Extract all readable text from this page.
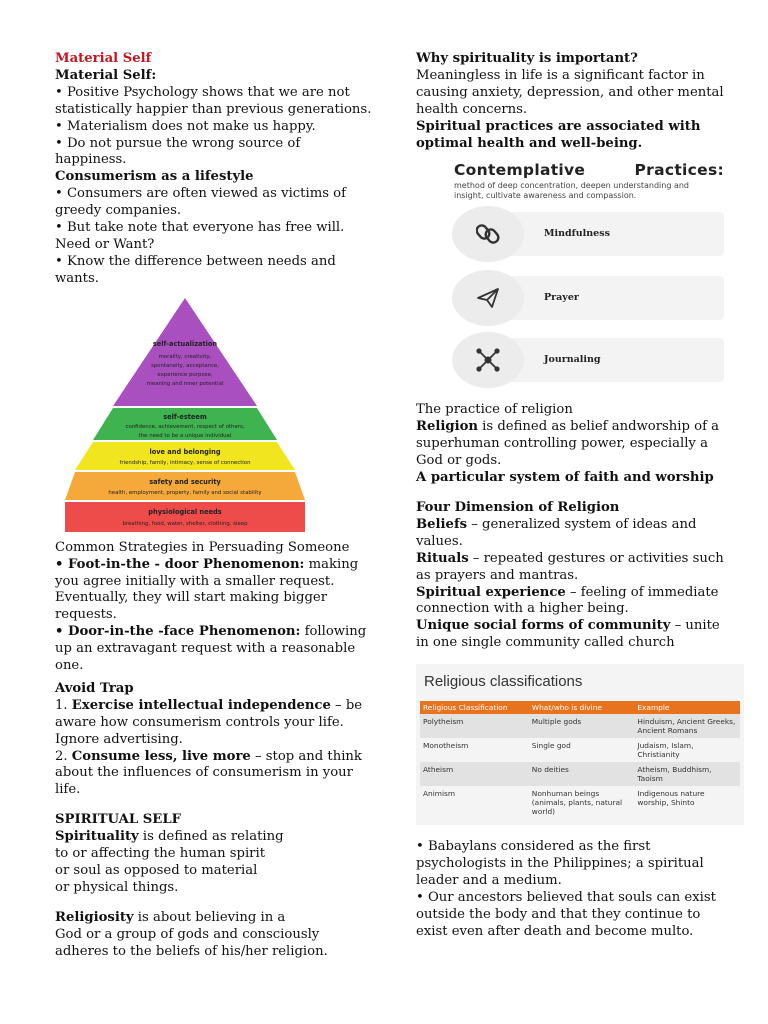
Material Self

Material Self:

• Positive Psychology shows that we are not statistically happier than previous generations.

• Materialism does not make us happy.

• Do not pursue the wrong source of happiness.

Consumerism as a lifestyle

• Consumers are often viewed as victims of greedy companies.

• But take note that everyone has free will. Need or Want?

• Know the difference between needs and wants.

self-actualization
morality, creativity,
spontaneity, acceptance,
experience purpose,
meaning and inner potential
self-esteem
confidence, achievement, respect of others,
the need to be a unique individual
love and belonging
friendship, family, intimacy, sense of connection
safety and security
health, employment, property, family and social stability
physiological needs
breathing, food, water, shelter, clothing, sleep

Common Strategies in Persuading Someone

• Foot-in-the - door Phenomenon: making you agree initially with a smaller request. Eventually, they will start making bigger requests.

• Door-in-the -face Phenomenon: following up an extravagant request with a reasonable one.

Avoid Trap

1. Exercise intellectual independence – be aware how consumerism controls your life. Ignore advertising.

2. Consume less, live more – stop and think about the influences of consumerism in your life.

SPIRITUAL SELF

Spirituality is defined as relating

to or affecting the human spirit

or soul as opposed to material

or physical things.

Religiosity is about believing in a

God or a group of gods and consciously

adheres to the beliefs of his/her religion.

Why spirituality is important?

Meaningless in life is a significant factor in causing anxiety, depression, and other mental health concerns.

Spiritual practices are associated with optimal health and well-being.

Contemplative	Practices:
method of deep concentration, deepen understanding and insight, cultivate awareness and compassion.
Mindfulness
Prayer
Journaling

The practice of religion

Religion is defined as belief andworship of a superhuman controlling power, especially a God or gods.

A particular system of faith and worship

Four Dimension of Religion

Beliefs – generalized system of ideas and values.

Rituals – repeated gestures or activities such as prayers and mantras.

Spiritual experience – feeling of immediate connection with a higher being.

Unique social forms of community – unite in one single community called church

Religious classifications
Religious Classification	What/who is divine	Example
Polytheism	Multiple gods	Hinduism, Ancient Greeks, Ancient Romans
Monotheism	Single god	Judaism, Islam, Christianity
Atheism	No deities	Atheism, Buddhism, Taoism
Animism	Nonhuman beings (animals, plants, natural world)	Indigenous nature worship, Shinto

• Babaylans considered as the first psychologists in the Philippines; a spiritual leader and a medium.

• Our ancestors believed that souls can exist outside the body and that they continue to exist even after death and become multo.
